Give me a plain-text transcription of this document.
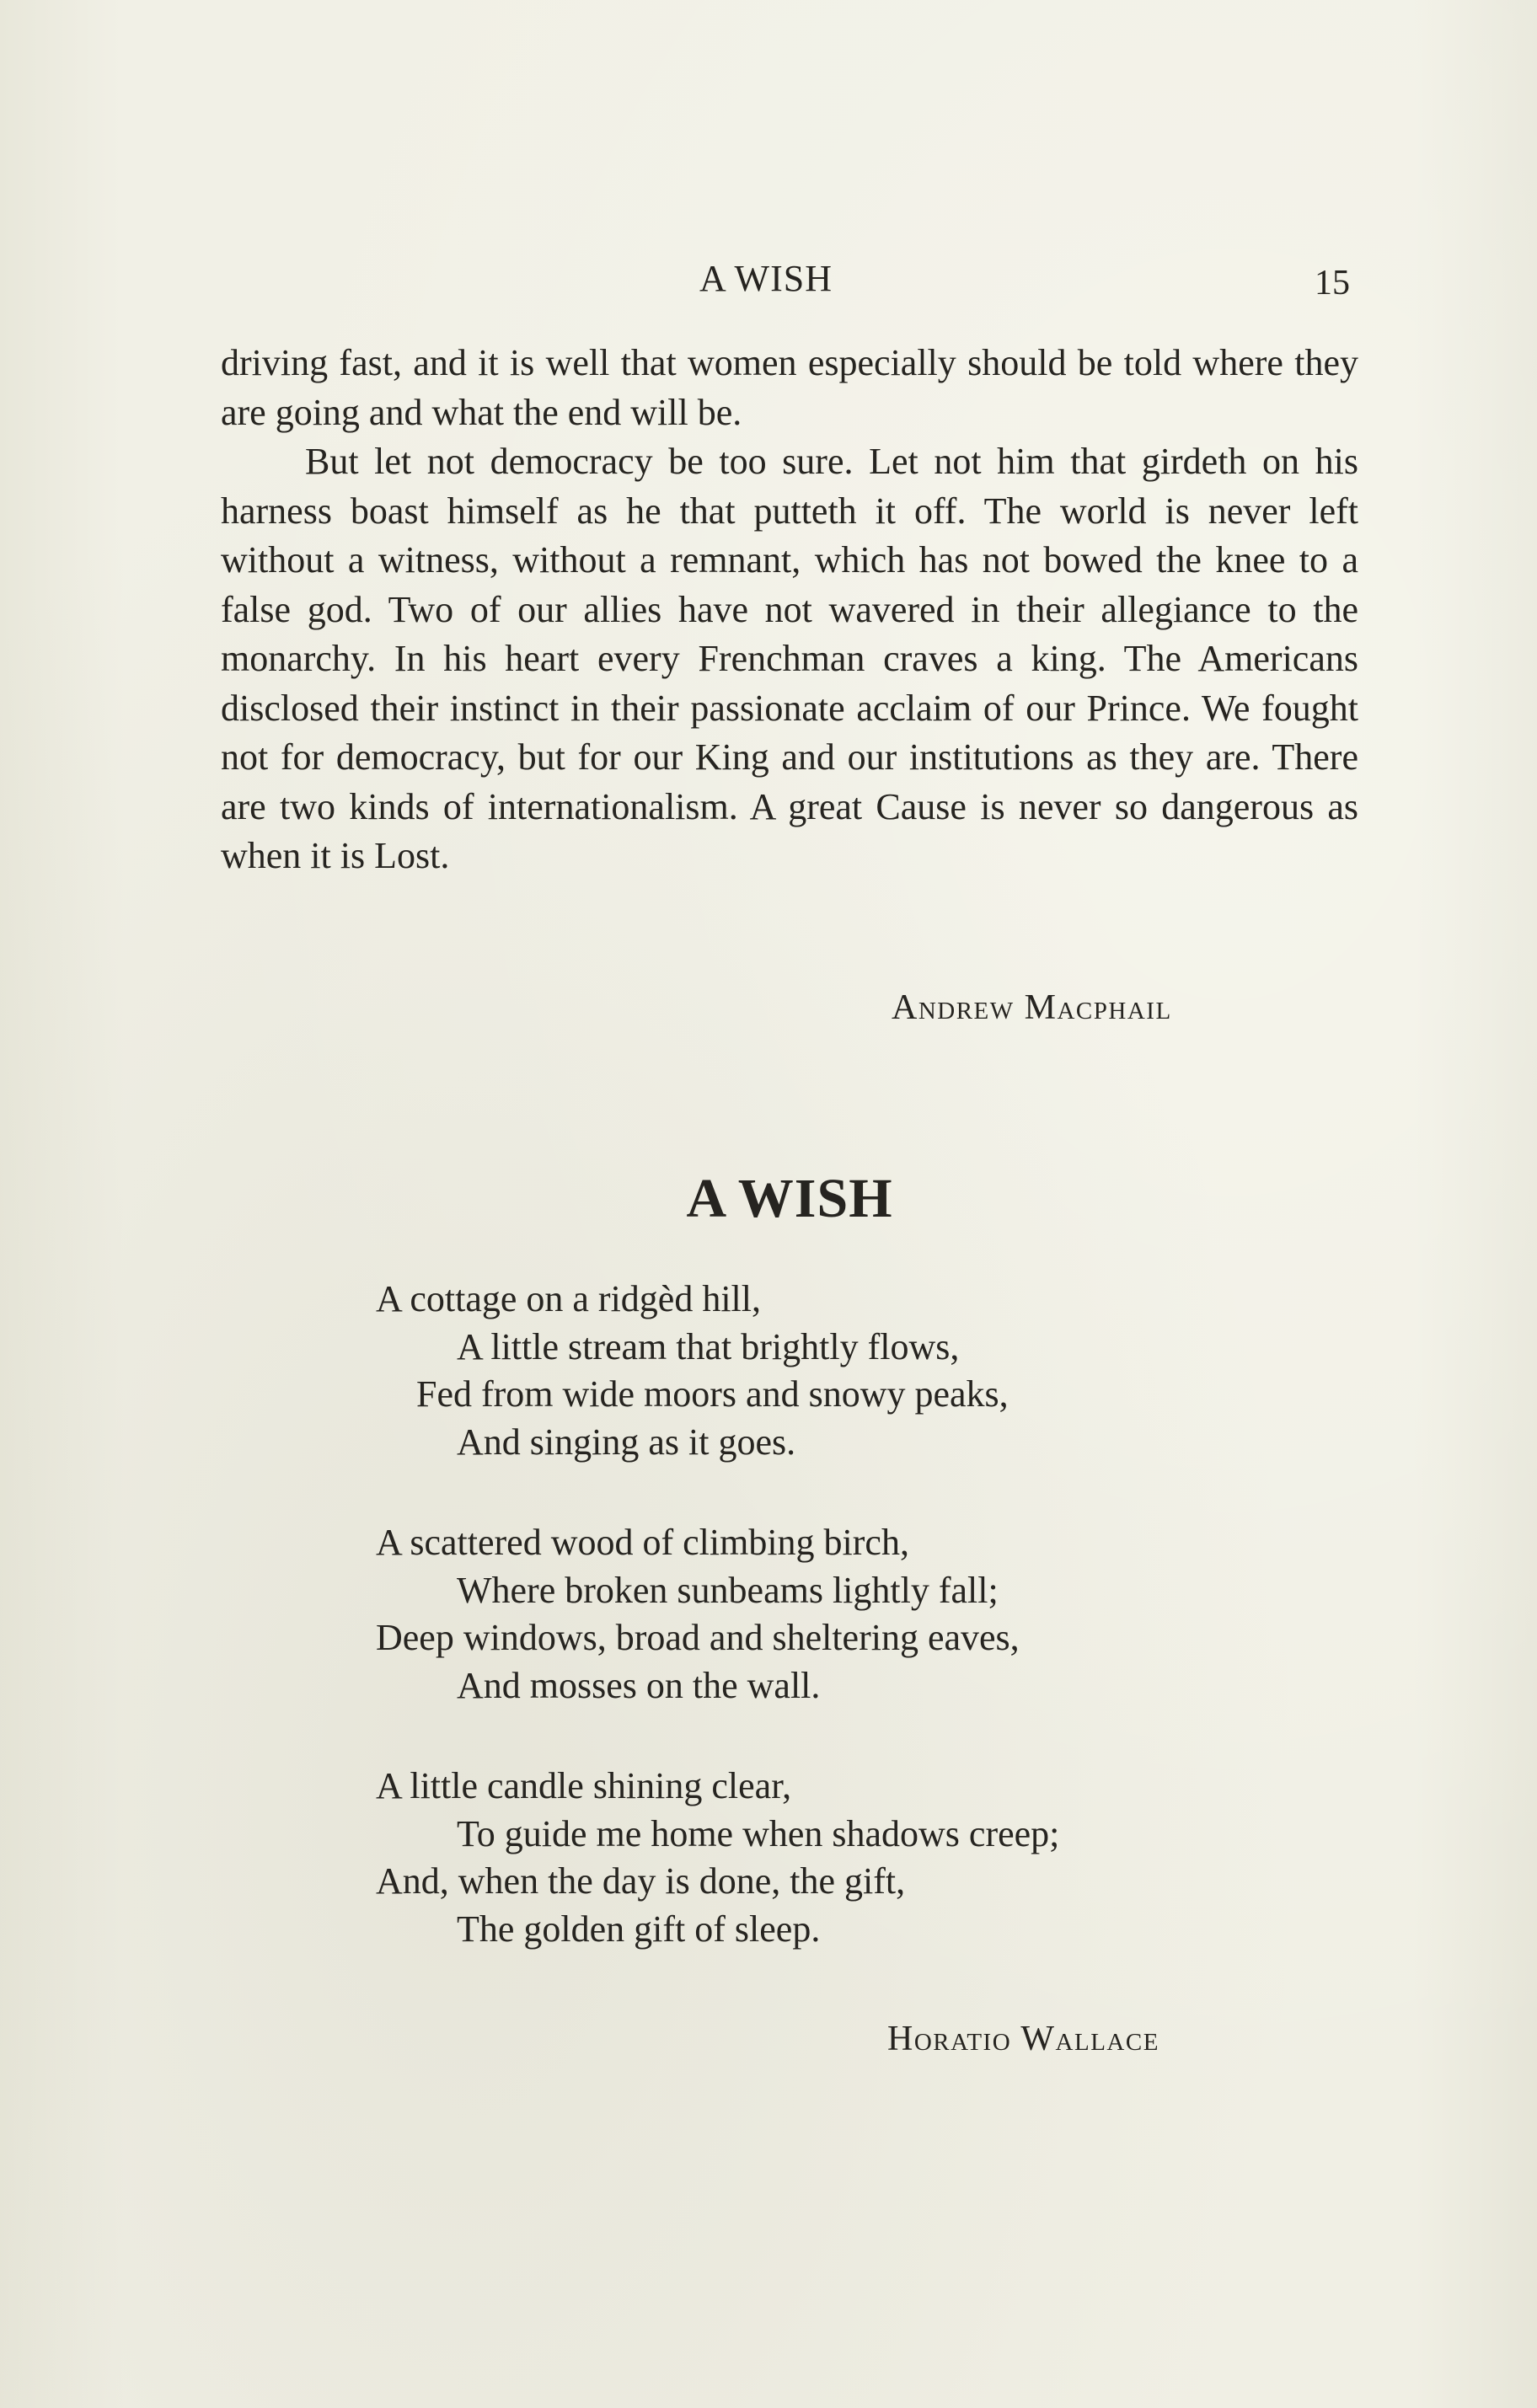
A WISH	15

driving fast, and it is well that women especially should be told where they are going and what the end will be.

But let not democracy be too sure. Let not him that girdeth on his harness boast himself as he that putteth it off. The world is never left without a witness, without a remnant, which has not bowed the knee to a false god. Two of our allies have not wavered in their allegiance to the monarchy. In his heart every Frenchman craves a king. The Americans disclosed their instinct in their passionate acclaim of our Prince. We fought not for democracy, but for our King and our institutions as they are. There are two kinds of internationalism. A great Cause is never so dangerous as when it is Lost.

Andrew Macphail
A WISH
A cottage on a ridgèd hill,
A little stream that brightly flows,
Fed from wide moors and snowy peaks,
And singing as it goes.
A scattered wood of climbing birch,
Where broken sunbeams lightly fall;
Deep windows, broad and sheltering eaves,
And mosses on the wall.
A little candle shining clear,
To guide me home when shadows creep;
And, when the day is done, the gift,
The golden gift of sleep.
Horatio Wallace
